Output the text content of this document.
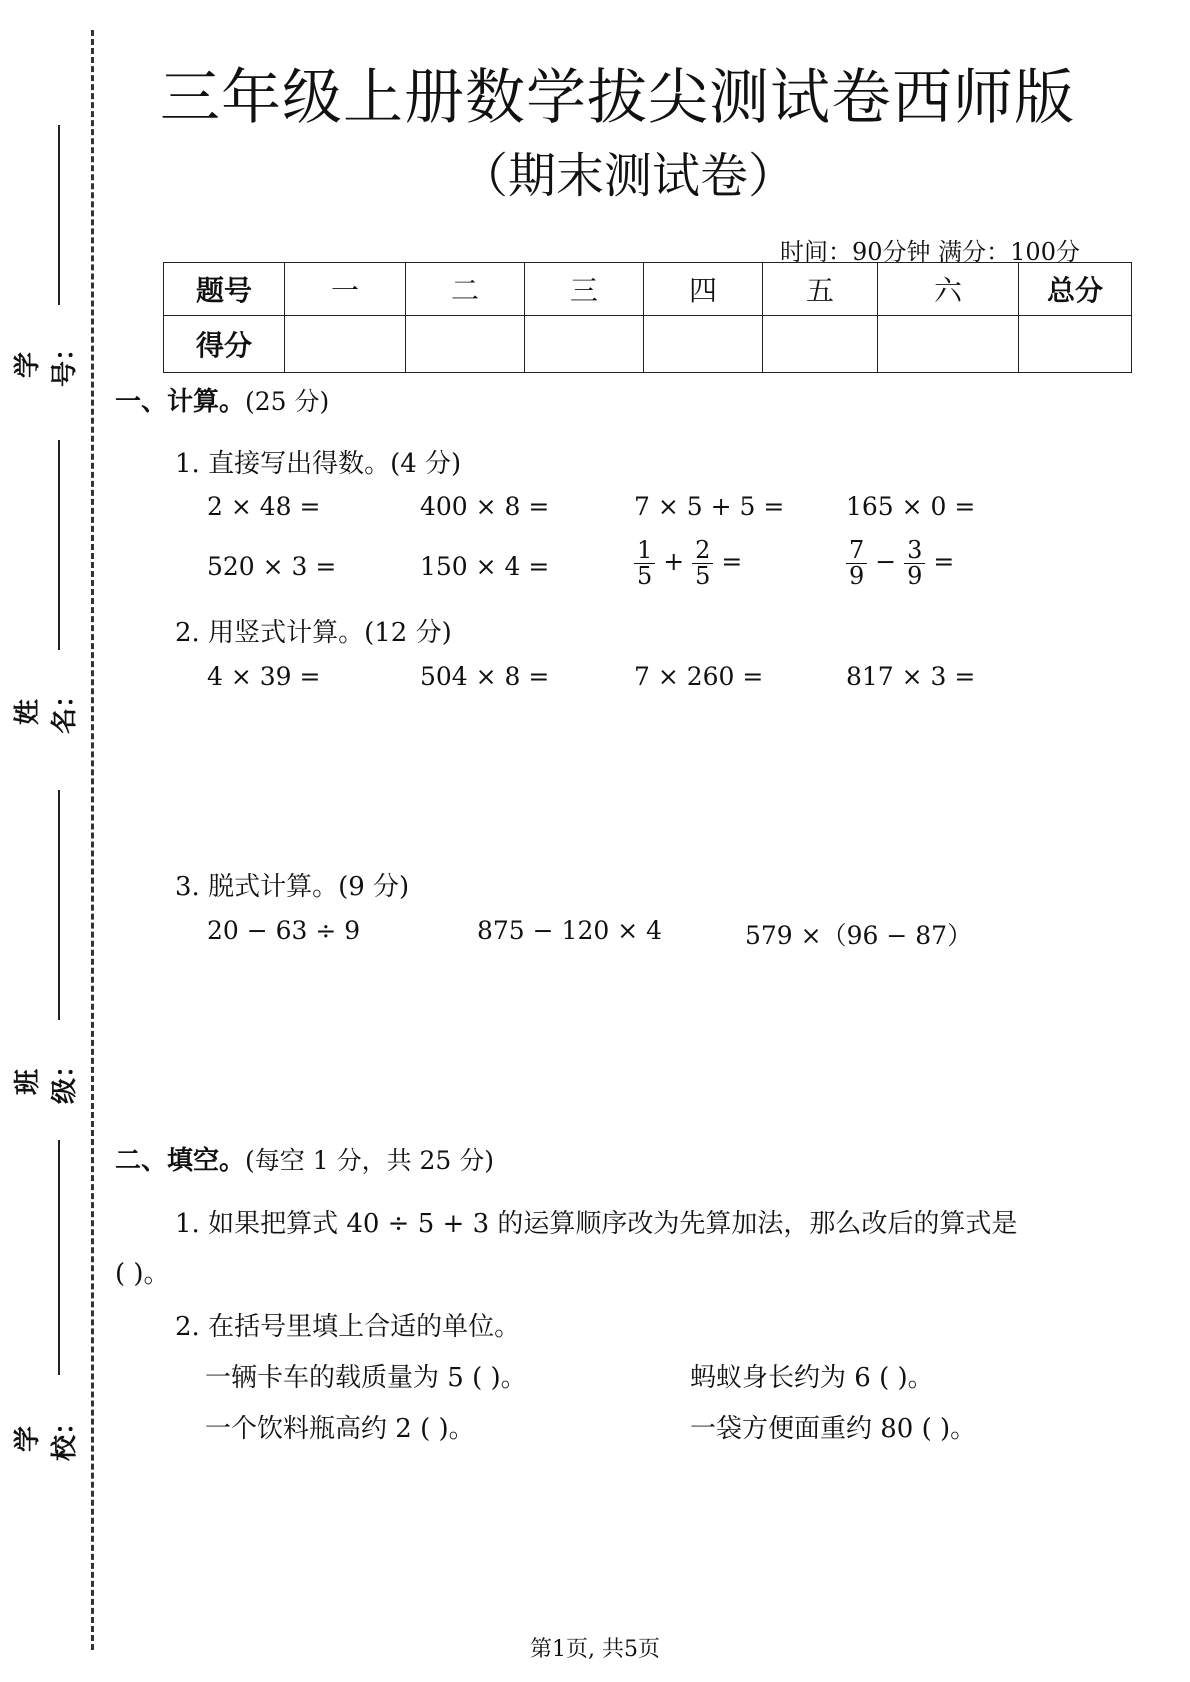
学号：
姓名：
班级：
学校：
三年级上册数学拔尖测试卷西师版
（期末测试卷）
时间：90分钟 满分：100分
题号	一	二	三	四	五	六	总分
得分							
一、计算。(25 分)
1. 直接写出得数。(4 分)
2 × 48 =	400 × 8 =	7 × 5 + 5 = 165 × 0 =
520 × 3 =	150 × 4 =	$\frac{1}{5} + \frac{2}{5}$ =	$\frac{7}{9} - \frac{3}{9}$ =
2. 用竖式计算。(12 分)
4 × 39 =	504 × 8 =	7 × 260 =	817 × 3 =
3. 脱式计算。(9 分)
20 − 63 ÷ 9	875 − 120 × 4	579 ×（96 − 87）
二、填空。(每空 1 分，共 25 分)
1. 如果把算式 40 ÷ 5 + 3 的运算顺序改为先算加法，那么改后的算式是
( )。
2. 在括号里填上合适的单位。
一辆卡车的载质量为 5 ( )。	蚂蚁身长约为 6 ( )。
一个饮料瓶高约 2 ( )。	一袋方便面重约 80 ( )。
第1页, 共5页
